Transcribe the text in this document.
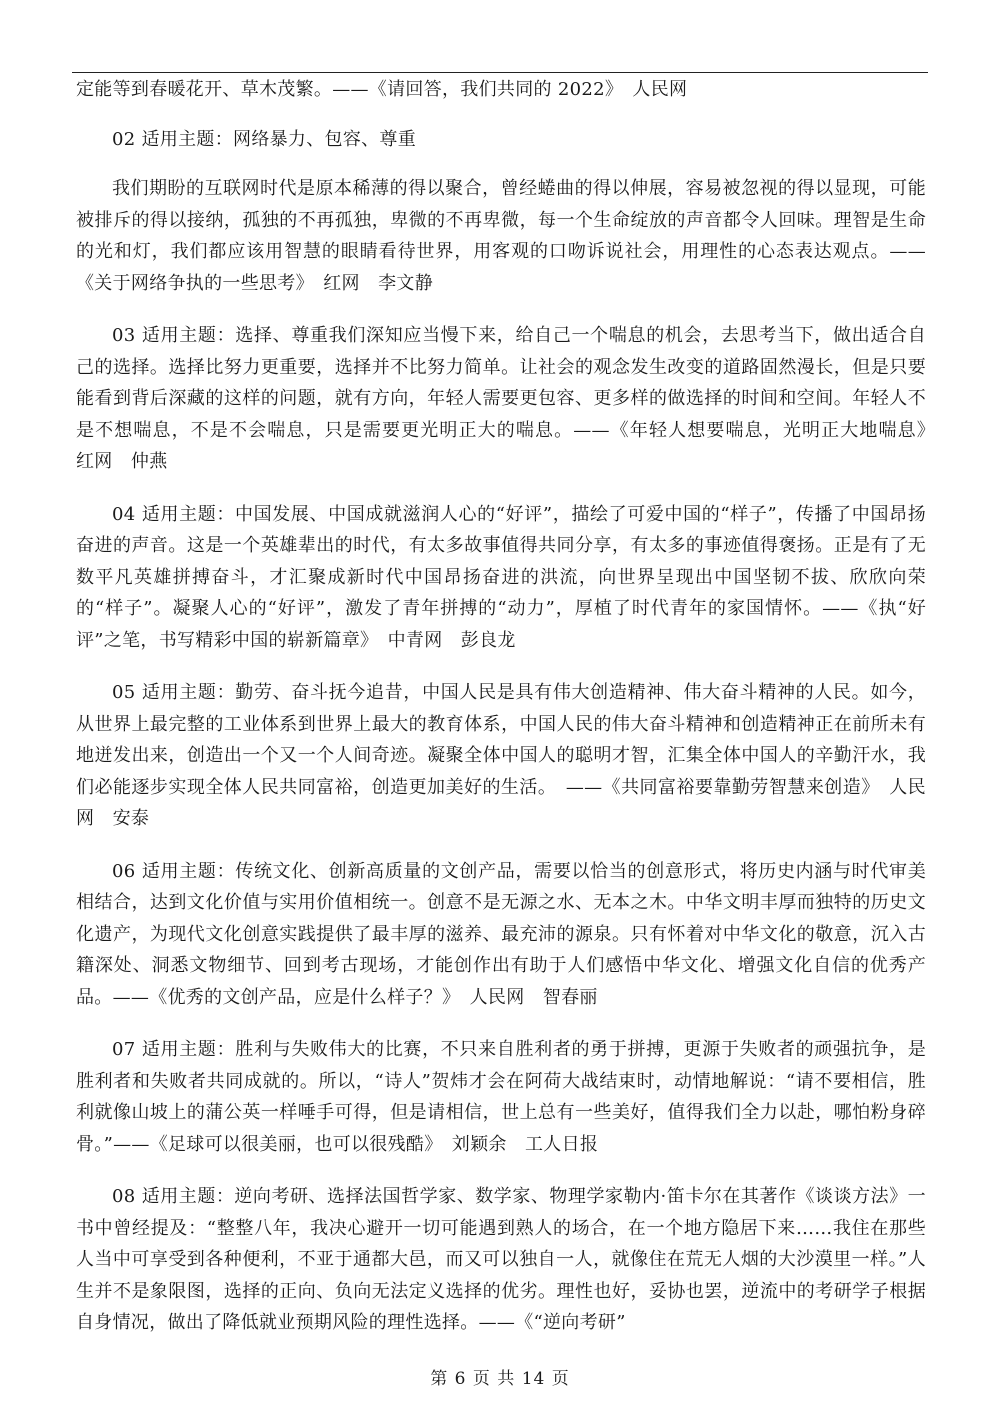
定能等到春暖花开、草木茂繁。——《请回答，我们共同的 2022》　人民网

02 适用主题：网络暴力、包容、尊重

我们期盼的互联网时代是原本稀薄的得以聚合，曾经蜷曲的得以伸展，容易被忽视的得以显现，可能被排斥的得以接纳，孤独的不再孤独，卑微的不再卑微，每一个生命绽放的声音都令人回味。理智是生命的光和灯，我们都应该用智慧的眼睛看待世界，用客观的口吻诉说社会，用理性的心态表达观点。——《关于网络争执的一些思考》　红网　李文静

03 适用主题：选择、尊重我们深知应当慢下来，给自己一个喘息的机会，去思考当下，做出适合自己的选择。选择比努力更重要，选择并不比努力简单。让社会的观念发生改变的道路固然漫长，但是只要能看到背后深藏的这样的问题，就有方向，年轻人需要更包容、更多样的做选择的时间和空间。年轻人不是不想喘息，不是不会喘息，只是需要更光明正大的喘息。——《年轻人想要喘息，光明正大地喘息》　红网　仲燕

04 适用主题：中国发展、中国成就滋润人心的“好评”，描绘了可爱中国的“样子”，传播了中国昂扬奋进的声音。这是一个英雄辈出的时代，有太多故事值得共同分享，有太多的事迹值得褒扬。正是有了无数平凡英雄拼搏奋斗，才汇聚成新时代中国昂扬奋进的洪流，向世界呈现出中国坚韧不拔、欣欣向荣的“样子”。凝聚人心的“好评”，激发了青年拼搏的“动力”，厚植了时代青年的家国情怀。——《执“好评”之笔，书写精彩中国的崭新篇章》　中青网　彭良龙

05 适用主题：勤劳、奋斗抚今追昔，中国人民是具有伟大创造精神、伟大奋斗精神的人民。如今，从世界上最完整的工业体系到世界上最大的教育体系，中国人民的伟大奋斗精神和创造精神正在前所未有地迸发出来，创造出一个又一个人间奇迹。凝聚全体中国人的聪明才智，汇集全体中国人的辛勤汗水，我们必能逐步实现全体人民共同富裕，创造更加美好的生活。　——《共同富裕要靠勤劳智慧来创造》　人民网　安泰

06 适用主题：传统文化、创新高质量的文创产品，需要以恰当的创意形式，将历史内涵与时代审美相结合，达到文化价值与实用价值相统一。创意不是无源之水、无本之木。中华文明丰厚而独特的历史文化遗产，为现代文化创意实践提供了最丰厚的滋养、最充沛的源泉。只有怀着对中华文化的敬意，沉入古籍深处、洞悉文物细节、回到考古现场，才能创作出有助于人们感悟中华文化、增强文化自信的优秀产品。——《优秀的文创产品，应是什么样子？》　人民网　智春丽

07 适用主题：胜利与失败伟大的比赛，不只来自胜利者的勇于拼搏，更源于失败者的顽强抗争，是胜利者和失败者共同成就的。所以，“诗人”贺炜才会在阿荷大战结束时，动情地解说：“请不要相信，胜利就像山坡上的蒲公英一样唾手可得，但是请相信，世上总有一些美好，值得我们全力以赴，哪怕粉身碎骨。”——《足球可以很美丽，也可以很残酷》　刘颖余　工人日报

08 适用主题：逆向考研、选择法国哲学家、数学家、物理学家勒内·笛卡尔在其著作《谈谈方法》一书中曾经提及：“整整八年，我决心避开一切可能遇到熟人的场合，在一个地方隐居下来……我住在那些人当中可享受到各种便利，不亚于通都大邑，而又可以独自一人，就像住在荒无人烟的大沙漠里一样。”人生并不是象限图，选择的正向、负向无法定义选择的优劣。理性也好，妥协也罢，逆流中的考研学子根据自身情况，做出了降低就业预期风险的理性选择。——《“逆向考研”

第 6 页 共 14 页
